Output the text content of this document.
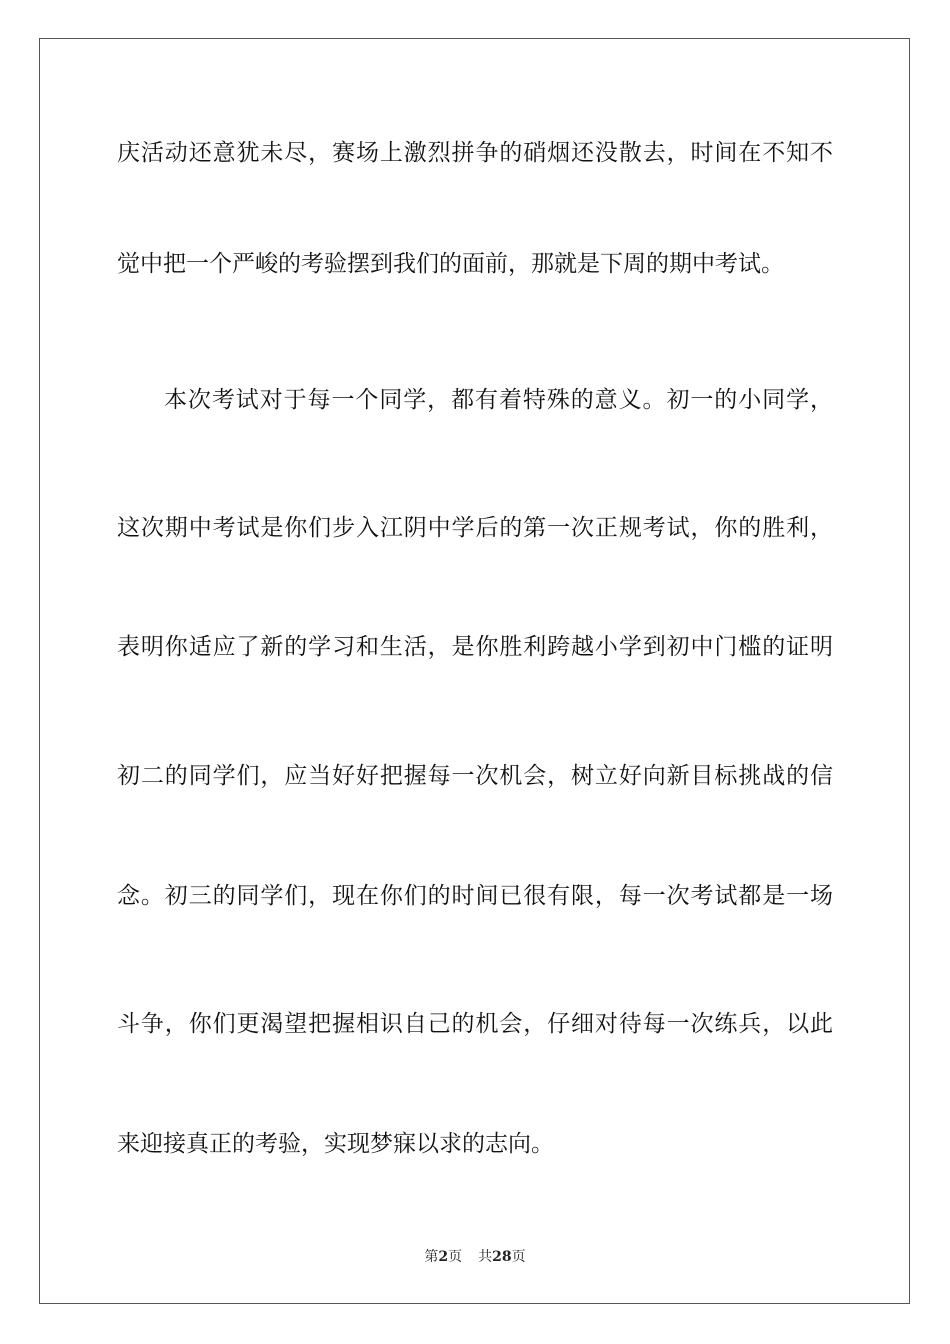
庆活动还意犹未尽，赛场上激烈拼争的硝烟还没散去，时间在不知不
觉中把一个严峻的考验摆到我们的面前，那就是下周的期中考试。
本次考试对于每一个同学，都有着特殊的意义。初一的小同学，
这次期中考试是你们步入江阴中学后的第一次正规考试，你的胜利，
表明你适应了新的学习和生活，是你胜利跨越小学到初中门槛的证明
初二的同学们，应当好好把握每一次机会，树立好向新目标挑战的信
念。初三的同学们，现在你们的时间已很有限，每一次考试都是一场
斗争，你们更渴望把握相识自己的机会，仔细对待每一次练兵，以此
来迎接真正的考验，实现梦寐以求的志向。
第2页 共28页
